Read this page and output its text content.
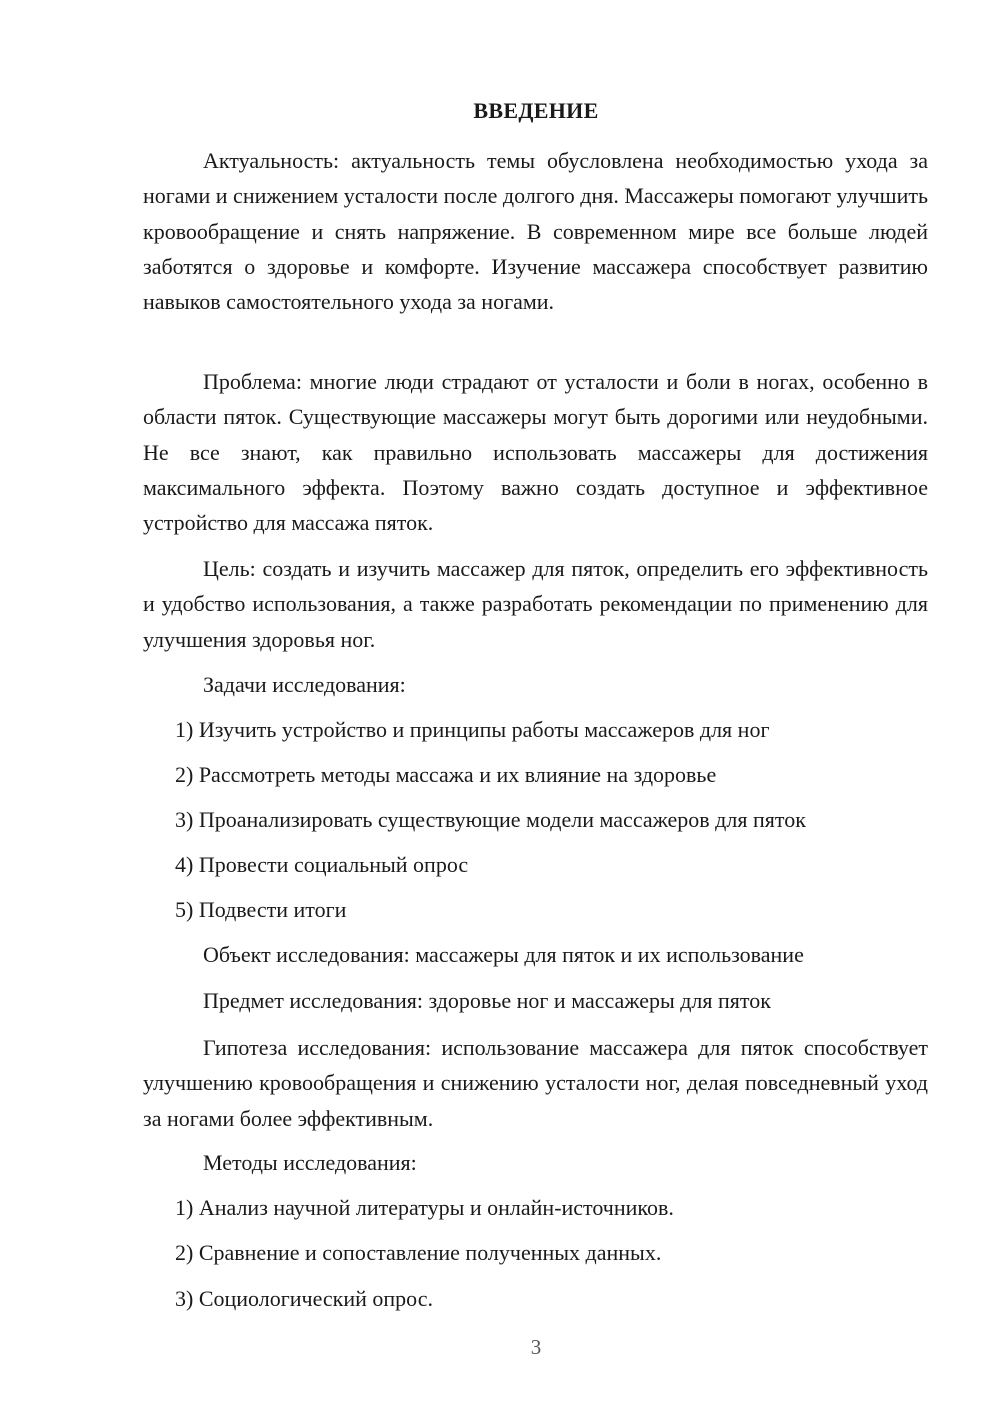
ВВЕДЕНИЕ

Актуальность: актуальность темы обусловлена необходимостью ухода за ногами и снижением усталости после долгого дня. Массажеры помогают улучшить кровообращение и снять напряжение. В современном мире все больше людей заботятся о здоровье и комфорте. Изучение массажера способствует развитию навыков самостоятельного ухода за ногами.

Проблема: многие люди страдают от усталости и боли в ногах, особенно в области пяток. Существующие массажеры могут быть дорогими или неудобными. Не все знают, как правильно использовать массажеры для достижения максимального эффекта. Поэтому важно создать доступное и эффективное устройство для массажа пяток.

Цель: создать и изучить массажер для пяток, определить его эффективность и удобство использования, а также разработать рекомендации по применению для улучшения здоровья ног.

Задачи исследования:
1) Изучить устройство и принципы работы массажеров для ног
2) Рассмотреть методы массажа и их влияние на здоровье
3) Проанализировать существующие модели массажеров для пяток
4) Провести социальный опрос
5) Подвести итоги
Объект исследования: массажеры для пяток и их использование
Предмет исследования: здоровье ног и массажеры для пяток

Гипотеза исследования: использование массажера для пяток способствует улучшению кровообращения и снижению усталости ног, делая повседневный уход за ногами более эффективным.

Методы исследования:
1) Анализ научной литературы и онлайн-источников.
2) Сравнение и сопоставление полученных данных.
3) Социологический опрос.
3
